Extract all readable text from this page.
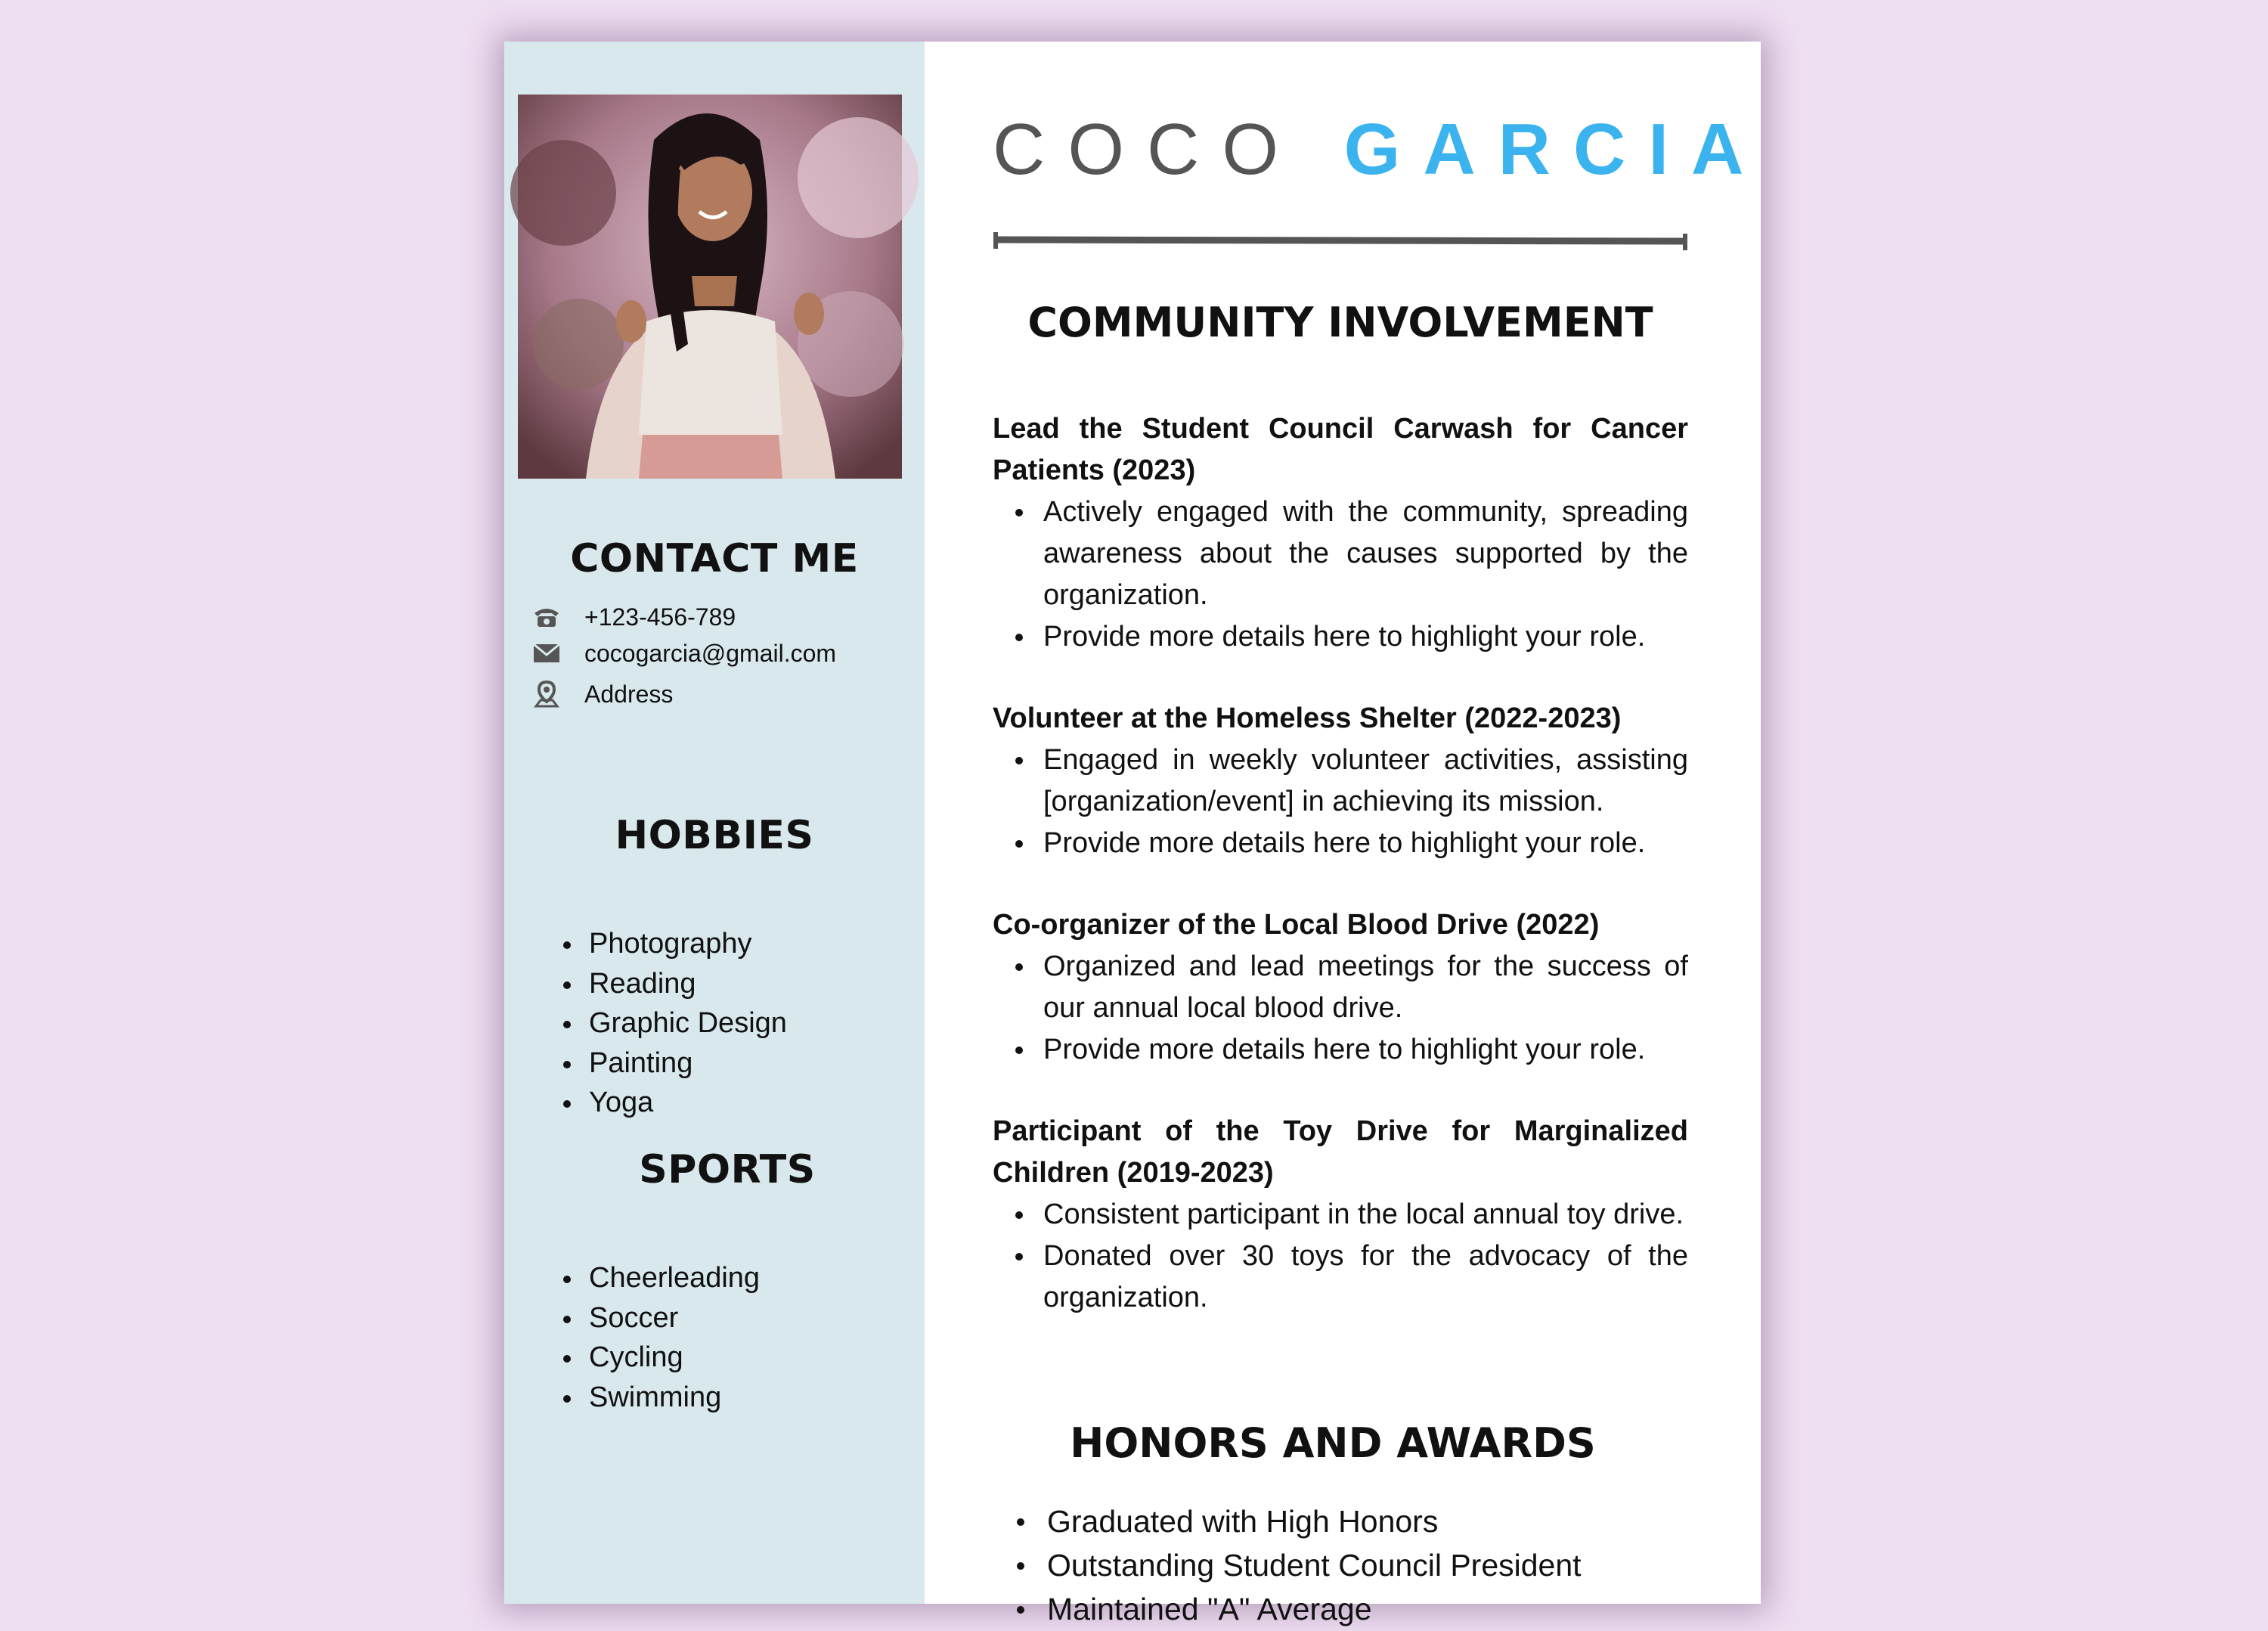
CONTACT ME
+123-456-789
cocogarcia@gmail.com
Address
HOBBIES
Photography
Reading
Graphic Design
Painting
Yoga
SPORTS
Cheerleading
Soccer
Cycling
Swimming
COCO GARCIA
COMMUNITY INVOLVEMENT
Lead the Student Council Carwash for Cancer Patients (2023)
Actively engaged with the community, spreading awareness about the causes supported by the organization.
Provide more details here to highlight your role.
Volunteer at the Homeless Shelter (2022-2023)
Engaged in weekly volunteer activities, assisting [organization/event] in achieving its mission.
Provide more details here to highlight your role.
Co-organizer of the Local Blood Drive (2022)
Organized and lead meetings for the success of our annual local blood drive.
Provide more details here to highlight your role.
Participant of the Toy Drive for Marginalized Children (2019-2023)
Consistent participant in the local annual toy drive.
Donated over 30 toys for the advocacy of the organization.
HONORS AND AWARDS
Graduated with High Honors
Outstanding Student Council President
Maintained "A" Average
